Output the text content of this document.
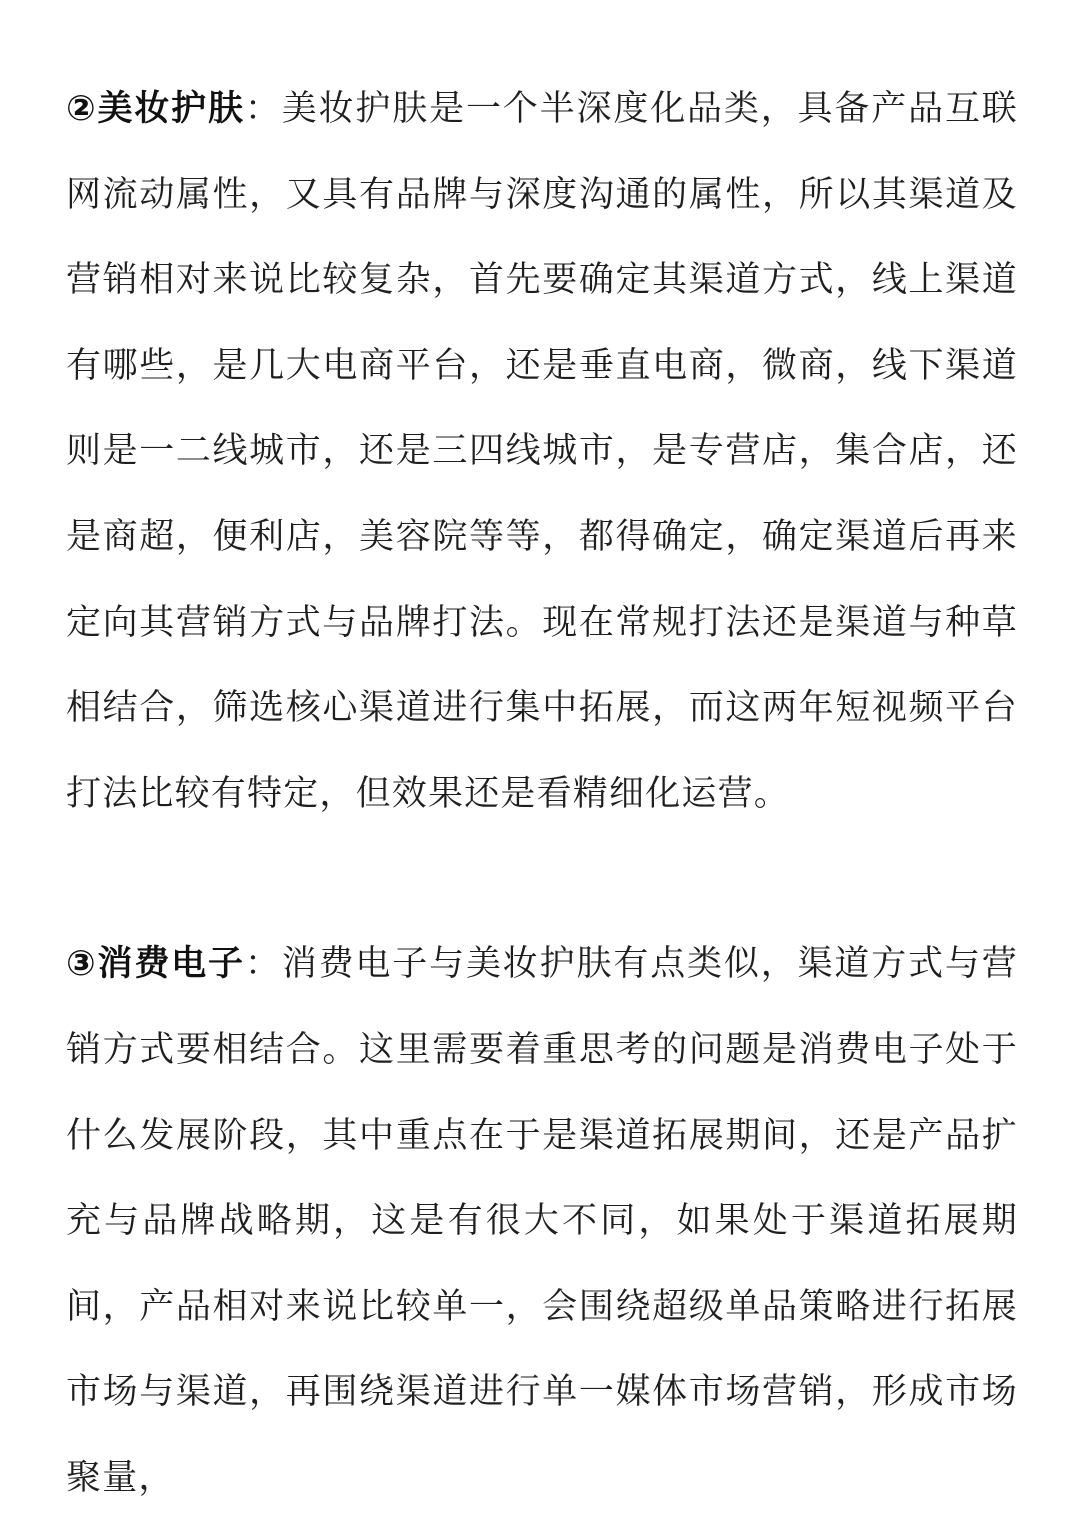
②美妆护肤：美妆护肤是一个半深度化品类，具备产品互联网流动属性，又具有品牌与深度沟通的属性，所以其渠道及营销相对来说比较复杂，首先要确定其渠道方式，线上渠道有哪些，是几大电商平台，还是垂直电商，微商，线下渠道则是一二线城市，还是三四线城市，是专营店，集合店，还是商超，便利店，美容院等等，都得确定，确定渠道后再来定向其营销方式与品牌打法。现在常规打法还是渠道与种草相结合，筛选核心渠道进行集中拓展，而这两年短视频平台打法比较有特定，但效果还是看精细化运营。

③消费电子：消费电子与美妆护肤有点类似，渠道方式与营销方式要相结合。这里需要着重思考的问题是消费电子处于什么发展阶段，其中重点在于是渠道拓展期间，还是产品扩充与品牌战略期，这是有很大不同，如果处于渠道拓展期间，产品相对来说比较单一，会围绕超级单品策略进行拓展市场与渠道，再围绕渠道进行单一媒体市场营销，形成市场聚量，
